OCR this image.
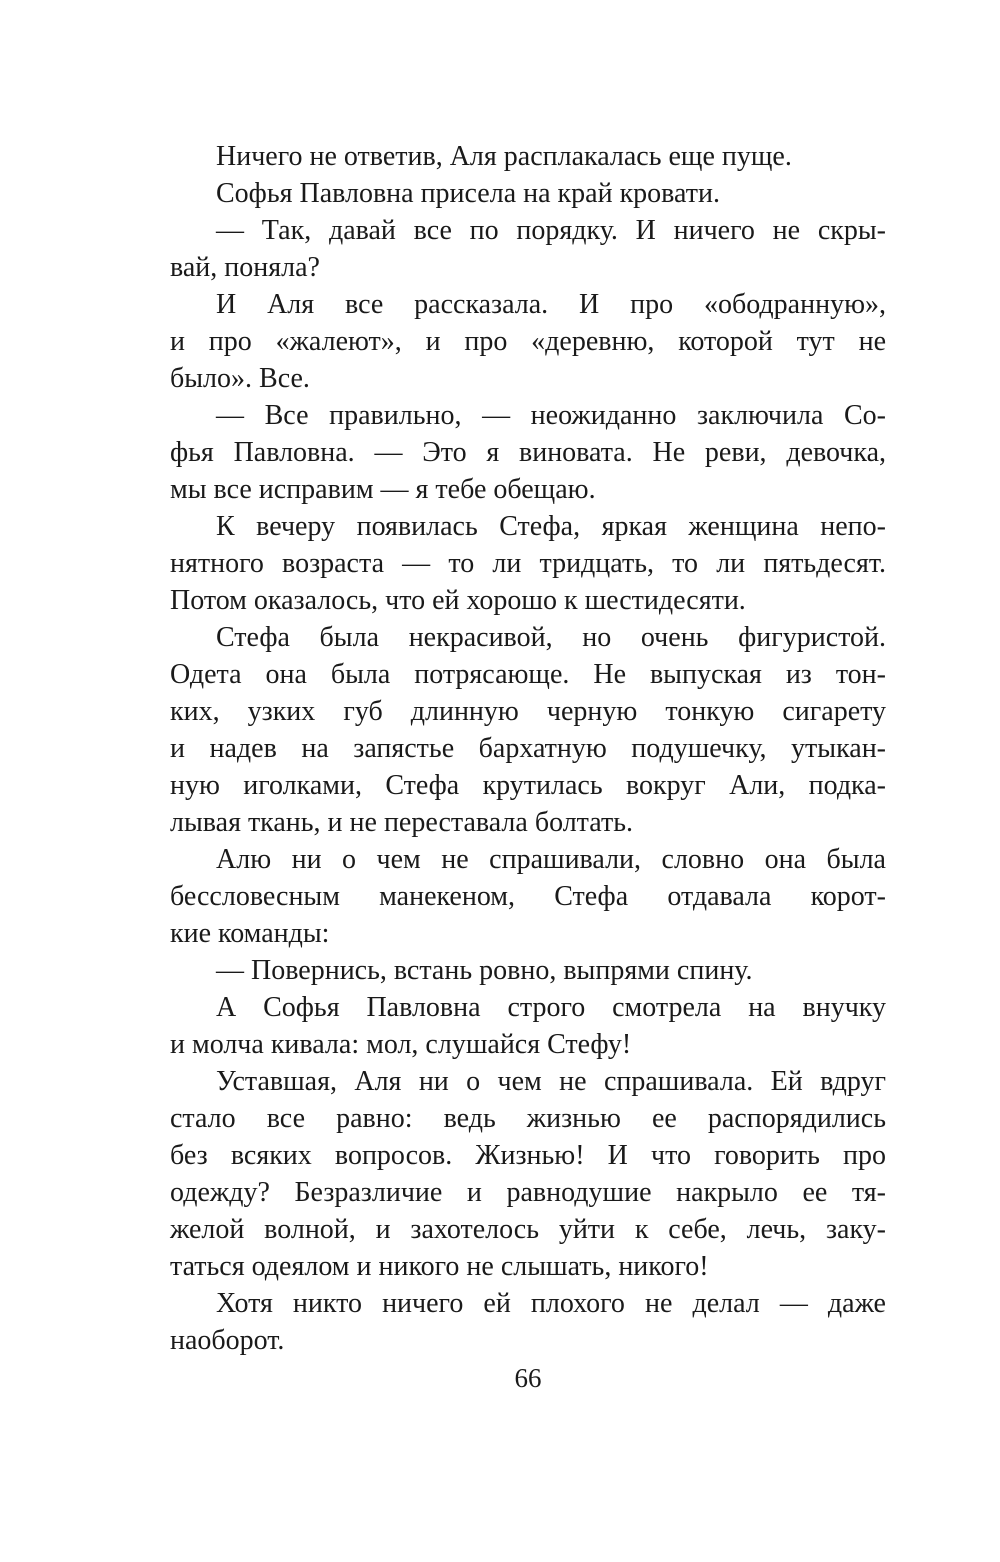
Ничего не ответив, Аля расплакалась еще пуще.
Софья Павловна присела на край кровати.
— Так, давай все по порядку. И ничего не скры-
вай, поняла?
И Аля все рассказала. И про «ободранную»,
и про «жалеют», и про «деревню, которой тут не
было». Все.
— Все правильно, — неожиданно заключила Со-
фья Павловна. — Это я виновата. Не реви, девочка,
мы все исправим — я тебе обещаю.
К вечеру появилась Стефа, яркая женщина непо-
нятного возраста — то ли тридцать, то ли пятьдесят.
Потом оказалось, что ей хорошо к шестидесяти.
Стефа была некрасивой, но очень фигуристой.
Одета она была потрясающе. Не выпуская из тон-
ких, узких губ длинную черную тонкую сигарету
и надев на запястье бархатную подушечку, утыкан-
ную иголками, Стефа крутилась вокруг Али, подка-
лывая ткань, и не переставала болтать.
Алю ни о чем не спрашивали, словно она была
бессловесным манекеном, Стефа отдавала корот-
кие команды:
— Повернись, встань ровно, выпрями спину.
А Софья Павловна строго смотрела на внучку
и молча кивала: мол, слушайся Стефу!
Уставшая, Аля ни о чем не спрашивала. Ей вдруг
стало все равно: ведь жизнью ее распорядились
без всяких вопросов. Жизнью! И что говорить про
одежду? Безразличие и равнодушие накрыло ее тя-
желой волной, и захотелось уйти к себе, лечь, заку-
таться одеялом и никого не слышать, никого!
Хотя никто ничего ей плохого не делал — даже
наоборот.
66
